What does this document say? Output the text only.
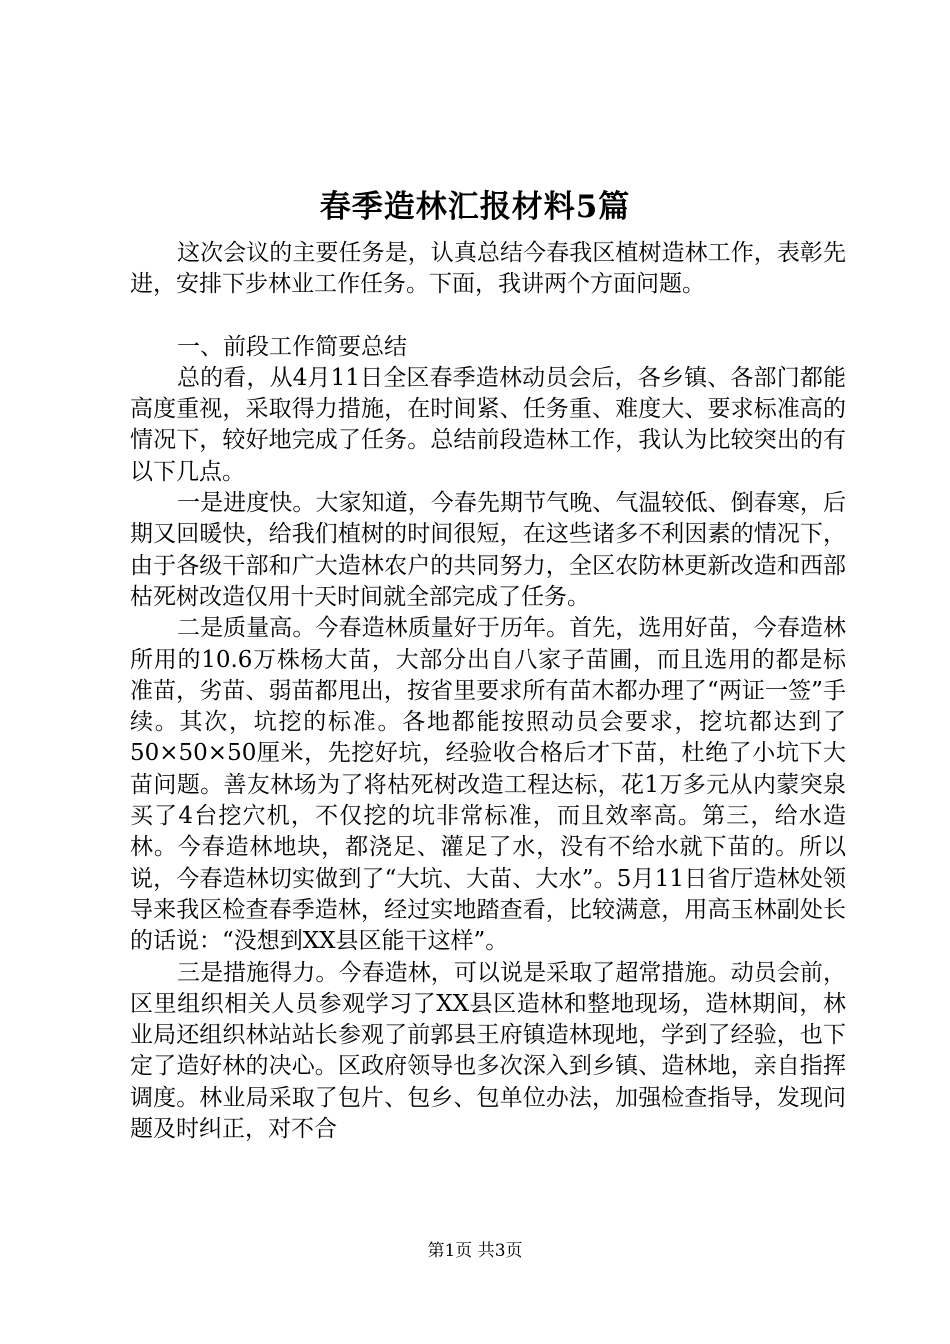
春季造林汇报材料5篇

这次会议的主要任务是，认真总结今春我区植树造林工作，表彰先进，安排下步林业工作任务。下面，我讲两个方面问题。

一、前段工作简要总结

总的看，从4月11日全区春季造林动员会后，各乡镇、各部门都能高度重视，采取得力措施，在时间紧、任务重、难度大、要求标准高的情况下，较好地完成了任务。总结前段造林工作，我认为比较突出的有以下几点。

一是进度快。大家知道，今春先期节气晚、气温较低、倒春寒，后期又回暖快，给我们植树的时间很短，在这些诸多不利因素的情况下，由于各级干部和广大造林农户的共同努力，全区农防林更新改造和西部枯死树改造仅用十天时间就全部完成了任务。

二是质量高。今春造林质量好于历年。首先，选用好苗，今春造林所用的10.6万株杨大苗，大部分出自八家子苗圃，而且选用的都是标准苗，劣苗、弱苗都甩出，按省里要求所有苗木都办理了“两证一签”手续。其次，坑挖的标准。各地都能按照动员会要求，挖坑都达到了50×50×50厘米，先挖好坑，经验收合格后才下苗，杜绝了小坑下大苗问题。善友林场为了将枯死树改造工程达标，花1万多元从内蒙突泉买了4台挖穴机，不仅挖的坑非常标准，而且效率高。第三，给水造林。今春造林地块，都浇足、灌足了水，没有不给水就下苗的。所以说，今春造林切实做到了“大坑、大苗、大水”。5月11日省厅造林处领导来我区检查春季造林，经过实地踏查看，比较满意，用高玉林副处长的话说：“没想到XX县区能干这样”。

三是措施得力。今春造林，可以说是采取了超常措施。动员会前，区里组织相关人员参观学习了XX县区造林和整地现场，造林期间，林业局还组织林站站长参观了前郭县王府镇造林现地，学到了经验，也下定了造好林的决心。区政府领导也多次深入到乡镇、造林地，亲自指挥调度。林业局采取了包片、包乡、包单位办法，加强检查指导，发现问题及时纠正，对不合

第1页 共3页
